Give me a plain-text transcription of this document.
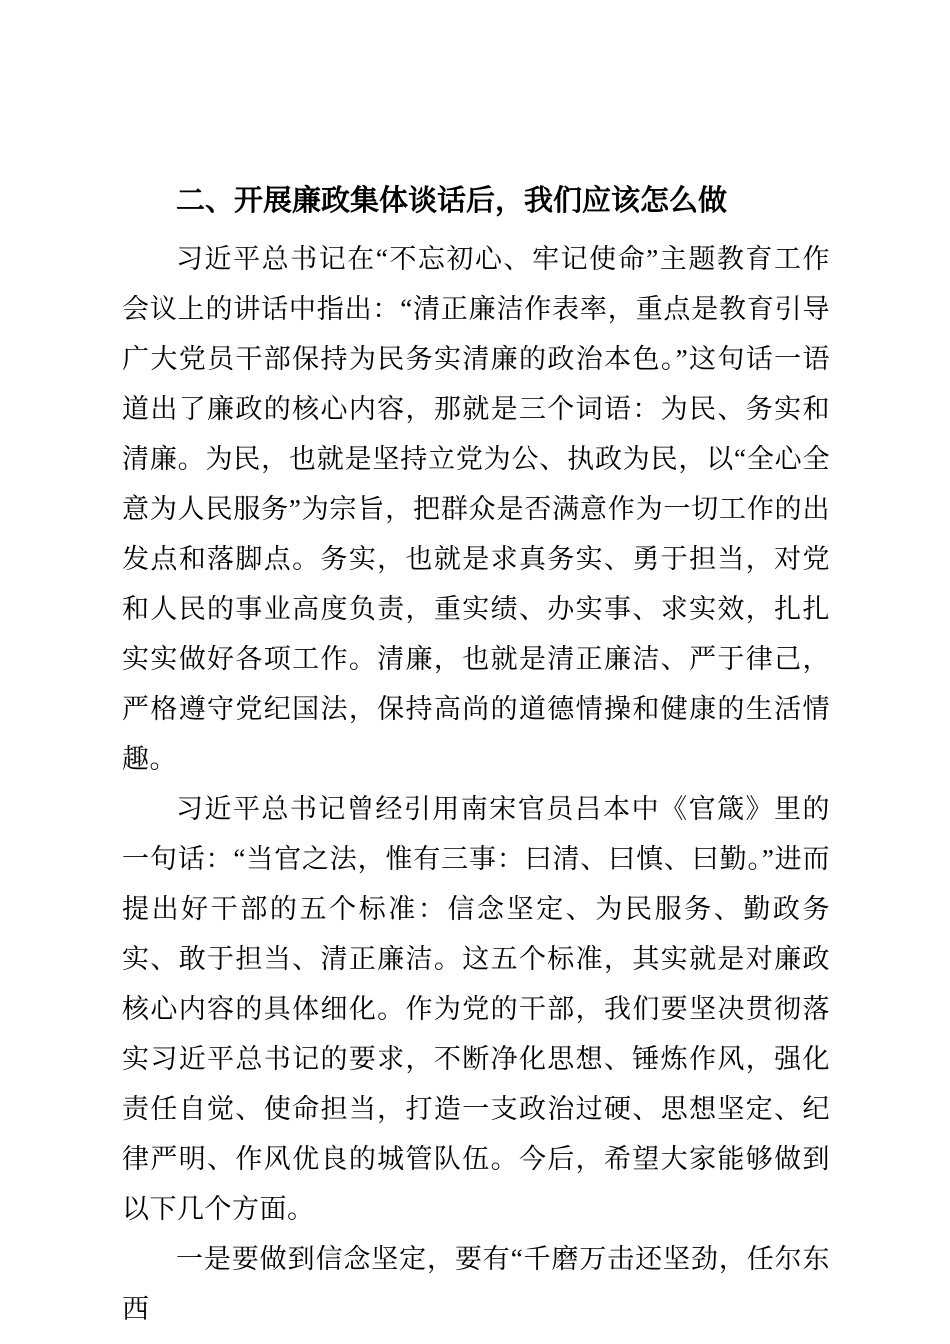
二、开展廉政集体谈话后，我们应该怎么做

习近平总书记在“不忘初心、牢记使命”主题教育工作会议上的讲话中指出：“清正廉洁作表率，重点是教育引导广大党员干部保持为民务实清廉的政治本色。”这句话一语道出了廉政的核心内容，那就是三个词语：为民、务实和清廉。为民，也就是坚持立党为公、执政为民，以“全心全意为人民服务”为宗旨，把群众是否满意作为一切工作的出发点和落脚点。务实，也就是求真务实、勇于担当，对党和人民的事业高度负责，重实绩、办实事、求实效，扎扎实实做好各项工作。清廉，也就是清正廉洁、严于律己，严格遵守党纪国法，保持高尚的道德情操和健康的生活情趣。

习近平总书记曾经引用南宋官员吕本中《官箴》里的一句话：“当官之法，惟有三事：曰清、曰慎、曰勤。”进而提出好干部的五个标准：信念坚定、为民服务、勤政务实、敢于担当、清正廉洁。这五个标准，其实就是对廉政核心内容的具体细化。作为党的干部，我们要坚决贯彻落实习近平总书记的要求，不断净化思想、锤炼作风，强化责任自觉、使命担当，打造一支政治过硬、思想坚定、纪律严明、作风优良的城管队伍。今后，希望大家能够做到以下几个方面。

一是要做到信念坚定，要有“千磨万击还坚劲，任尔东西
